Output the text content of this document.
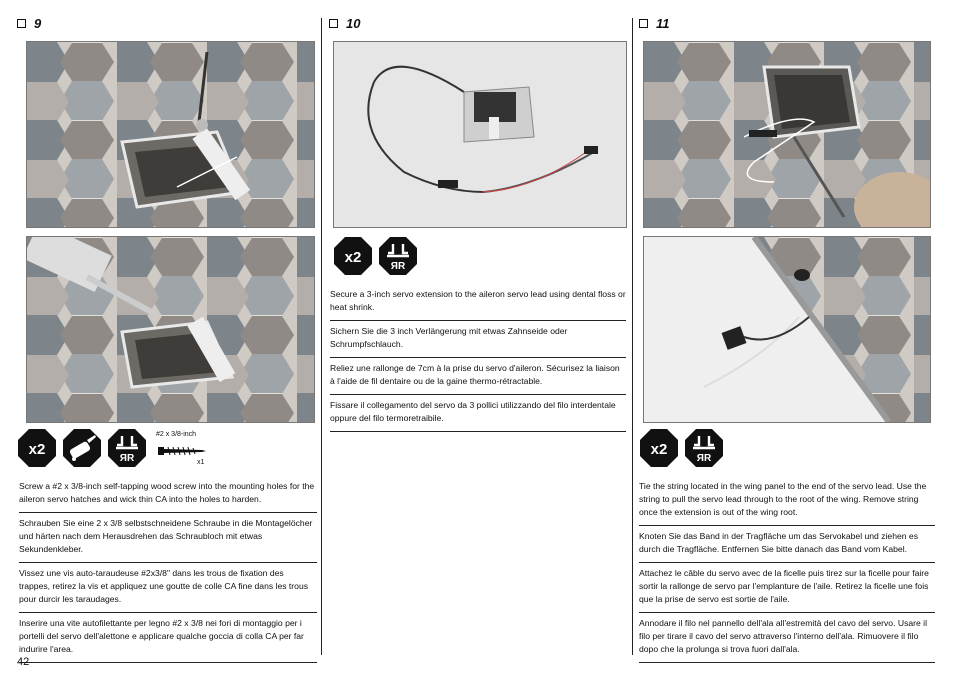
9
x2
ЯR
#2 x 3/8-inch
x1

Screw a #2 x 3/8-inch self-tapping wood screw into the mounting holes for the aileron servo hatches and wick thin CA into the holes to harden.

Schrauben Sie eine 2 x 3/8 selbstschneidene Schraube in die Montagelöcher und härten nach dem Herausdrehen das Schraubloch mit etwas Sekundenkleber.

Vissez une vis auto-taraudeuse #2x3/8" dans les trous de fixation des trappes, retirez la vis et appliquez une goutte de colle CA fine dans les trous pour durcir les taraudages.

Inserire una vite autofilettante per legno #2 x 3/8 nei fori di montaggio per i portelli del servo dell'alettone e applicare qualche goccia di colla CA per far indurire l'area.

42
10
x2
ЯR

Secure a 3-inch servo extension to the aileron servo lead using dental floss or heat shrink.

Sichern Sie die 3 inch Verlängerung mit etwas Zahnseide oder Schrumpfschlauch.

Reliez une rallonge de 7cm à la prise du servo d'aileron. Sécurisez la liaison à l'aide de fil dentaire ou de la gaine thermo-rétractable.

Fissare il collegamento del servo da 3 pollici utilizzando del filo interdentale oppure del filo termoretraibile.

11
x2
ЯR

Tie the string located in the wing panel to the end of the servo lead. Use the string to pull the servo lead through to the root of the wing. Remove string once the extension is out of the wing root.

Knoten Sie das Band in der Tragfläche um das Servokabel und ziehen es durch die Tragfläche. Entfernen Sie bitte danach das Band vom Kabel.

Attachez le câble du servo avec de la ficelle puis tirez sur la ficelle pour faire sortir la rallonge de servo par l'emplanture de l'aile. Retirez la ficelle une fois que la prise de servo est sortie de l'aile.

Annodare il filo nel pannello dell'ala all'estremità del cavo del servo. Usare il filo per tirare il cavo del servo attraverso l'interno dell'ala. Rimuovere il filo dopo che la prolunga si trova fuori dall'ala.
